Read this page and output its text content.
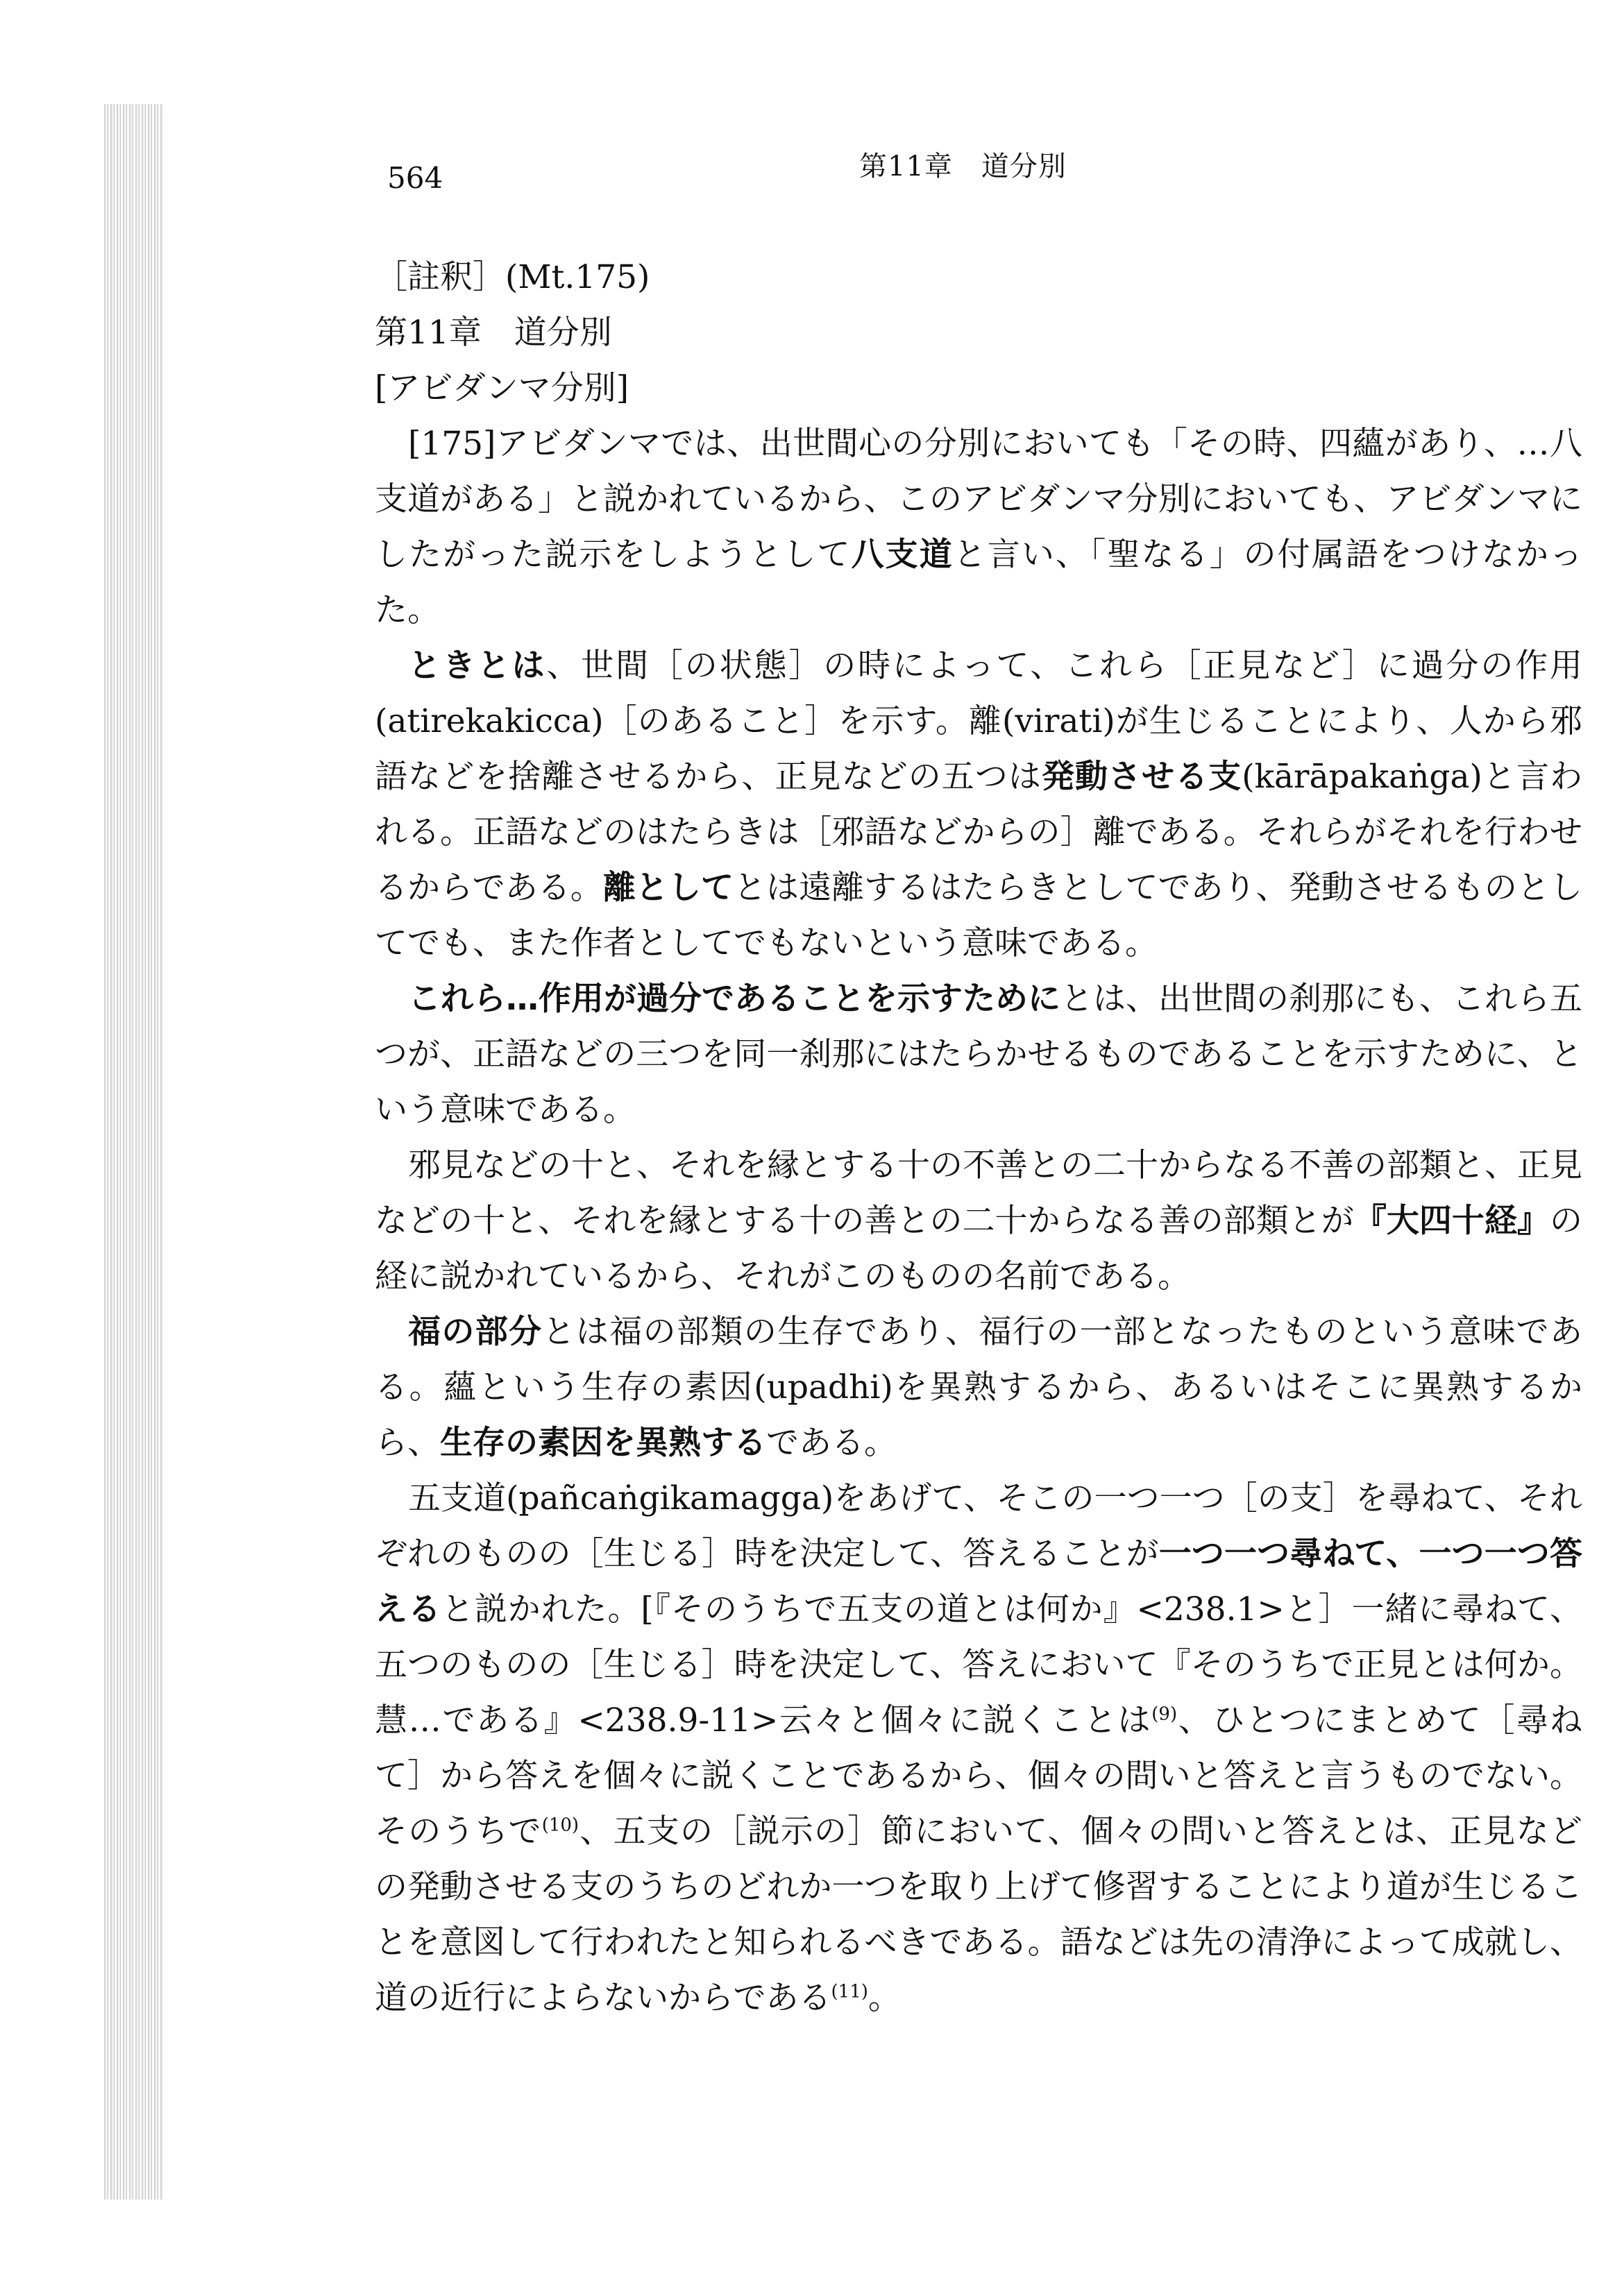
564	第11章　道分別

［註釈］(Mt.175)

第11章　道分別

[アビダンマ分別]

[175]アビダンマでは、出世間心の分別においても「その時、四蘊があり、…八支道がある」と説かれているから、このアビダンマ分別においても、アビダンマにしたがった説示をしようとして八支道と言い、「聖なる」の付属語をつけなかった。

ときとは、世間［の状態］の時によって、これら［正見など］に過分の作用(atirekakicca)［のあること］を示す。離(virati)が生じることにより、人から邪語などを捨離させるから、正見などの五つは発動させる支(kārāpakaṅga)と言われる。正語などのはたらきは［邪語などからの］離である。それらがそれを行わせるからである。離としてとは遠離するはたらきとしてであり、発動させるものとしてでも、また作者としてでもないという意味である。

これら…作用が過分であることを示すためにとは、出世間の刹那にも、これら五つが、正語などの三つを同一刹那にはたらかせるものであることを示すために、という意味である。

邪見などの十と、それを縁とする十の不善との二十からなる不善の部類と、正見などの十と、それを縁とする十の善との二十からなる善の部類とが『大四十経』の経に説かれているから、それがこのものの名前である。

福の部分とは福の部類の生存であり、福行の一部となったものという意味である。蘊という生存の素因(upadhi)を異熟するから、あるいはそこに異熟するから、生存の素因を異熟するである。

五支道(pañcaṅgikamagga)をあげて、そこの一つ一つ［の支］を尋ねて、それぞれのものの［生じる］時を決定して、答えることが一つ一つ尋ねて、一つ一つ答えると説かれた。[『そのうちで五支の道とは何か』<238.1>と］一緒に尋ねて、五つのものの［生じる］時を決定して、答えにおいて『そのうちで正見とは何か。慧…である』<238.9-11>云々と個々に説くことは$^{(9)}$、ひとつにまとめて［尋ねて］から答えを個々に説くことであるから、個々の問いと答えと言うものでない。そのうちで$^{(10)}$、五支の［説示の］節において、個々の問いと答えとは、正見などの発動させる支のうちのどれか一つを取り上げて修習することにより道が生じることを意図して行われたと知られるべきである。語などは先の清浄によって成就し、道の近行によらないからである$^{(11)}$。
